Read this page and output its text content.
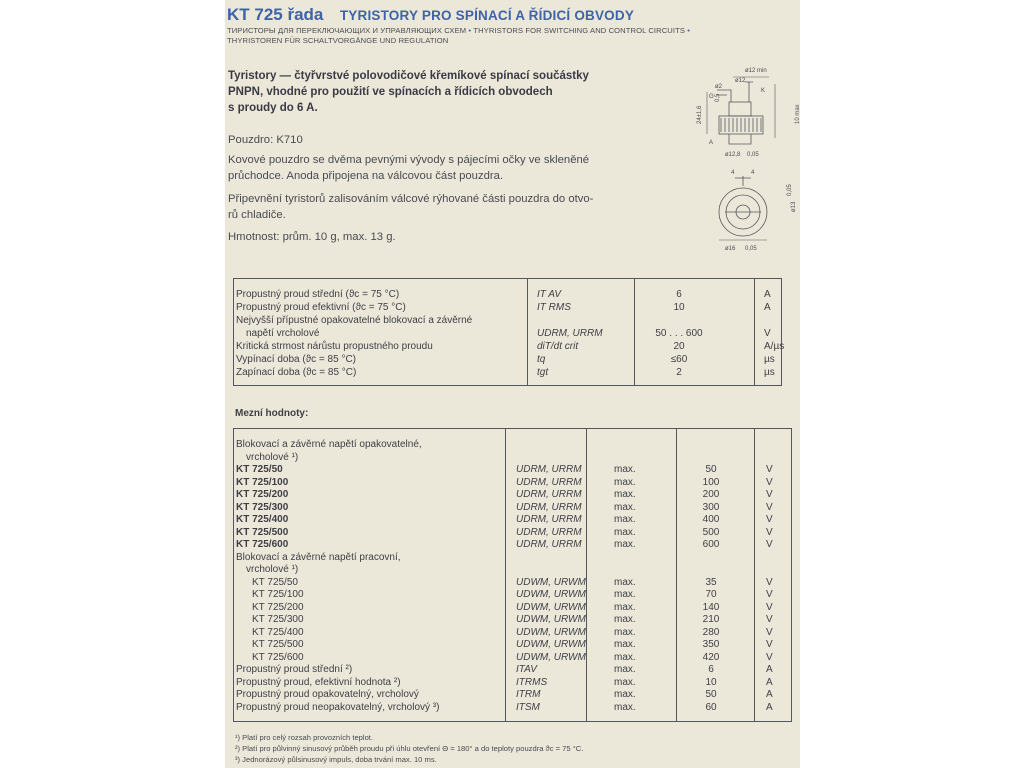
KT 725 řada TYRISTORY PRO SPÍNACÍ A ŘÍDICÍ OBVODY
ТИРИСТОРЫ ДЛЯ ПЕРЕКЛЮЧАЮЩИХ И УПРАВЛЯЮЩИХ СХЕМ • THYRISTORS FOR SWITCHING AND CONTROL CIRCUITS •
THYRISTOREN FÜR SCHALTVORGÄNGE UND REGULATION
Tyristory — čtyřvrstvé polovodičové křemíkové spínací součástky
PNPN, vhodné pro použití ve spínacích a řídicích obvodech
s proudy do 6 A.
Pouzdro: K710
Kovové pouzdro se dvěma pevnými vývody s pájecími očky ve skleněné
průchodce. Anoda připojena na válcovou část pouzdra.
Připevnění tyristorů zalisováním válcové rýhované části pouzdra do otvo-
rů chladiče.
Hmotnost: prům. 10 g, max. 13 g.
ø12 min
ø12
ø2
K
G
A
24±1,6
0,5
10 max
ø12,8 0,05
4	4
ø13
0,05
ø16 0,05
Propustný proud střední (ϑc = 75 °C)	IT AV	6	A
Propustný proud efektivní (ϑc = 75 °C)	IT RMS	10	A
Nejvyšší přípustné opakovatelné blokovací a závěrné
napětí vrcholové	UDRM, URRM	50 . . . 600	V
Kritická strmost nárůstu propustného proudu	diT/dt crit	20	A/µs
Vypínací doba (ϑc = 85 °C)	tq	≤60	µs
Zapínací doba (ϑc = 85 °C)	tgt	2	µs
Mezní hodnoty:
Blokovací a závěrné napětí opakovatelné,
vrcholové ¹)
KT 725/50	UDRM, URRM	max.	50	V
KT 725/100	UDRM, URRM	max.	100	V
KT 725/200	UDRM, URRM	max.	200	V
KT 725/300	UDRM, URRM	max.	300	V
KT 725/400	UDRM, URRM	max.	400	V
KT 725/500	UDRM, URRM	max.	500	V
KT 725/600	UDRM, URRM	max.	600	V
Blokovací a závěrné napětí pracovní,
vrcholové ¹)
KT 725/50	UDWM, URWM	max.	35	V
KT 725/100	UDWM, URWM	max.	70	V
KT 725/200	UDWM, URWM	max.	140	V
KT 725/300	UDWM, URWM	max.	210	V
KT 725/400	UDWM, URWM	max.	280	V
KT 725/500	UDWM, URWM	max.	350	V
KT 725/600	UDWM, URWM	max.	420	V
Propustný proud střední ²)	ITAV	max.	6	A
Propustný proud, efektivní hodnota ²)	ITRMS	max.	10	A
Propustný proud opakovatelný, vrcholový	ITRM	max.	50	A
Propustný proud neopakovatelný, vrcholový ³)	ITSM	max.	60	A
¹) Platí pro celý rozsah provozních teplot.
²) Platí pro půlvinný sinusový průběh proudu při úhlu otevření Θ = 180° a do teploty pouzdra ϑc = 75 °C.
³) Jednorázový půlsinusový impuls, doba trvání max. 10 ms.
